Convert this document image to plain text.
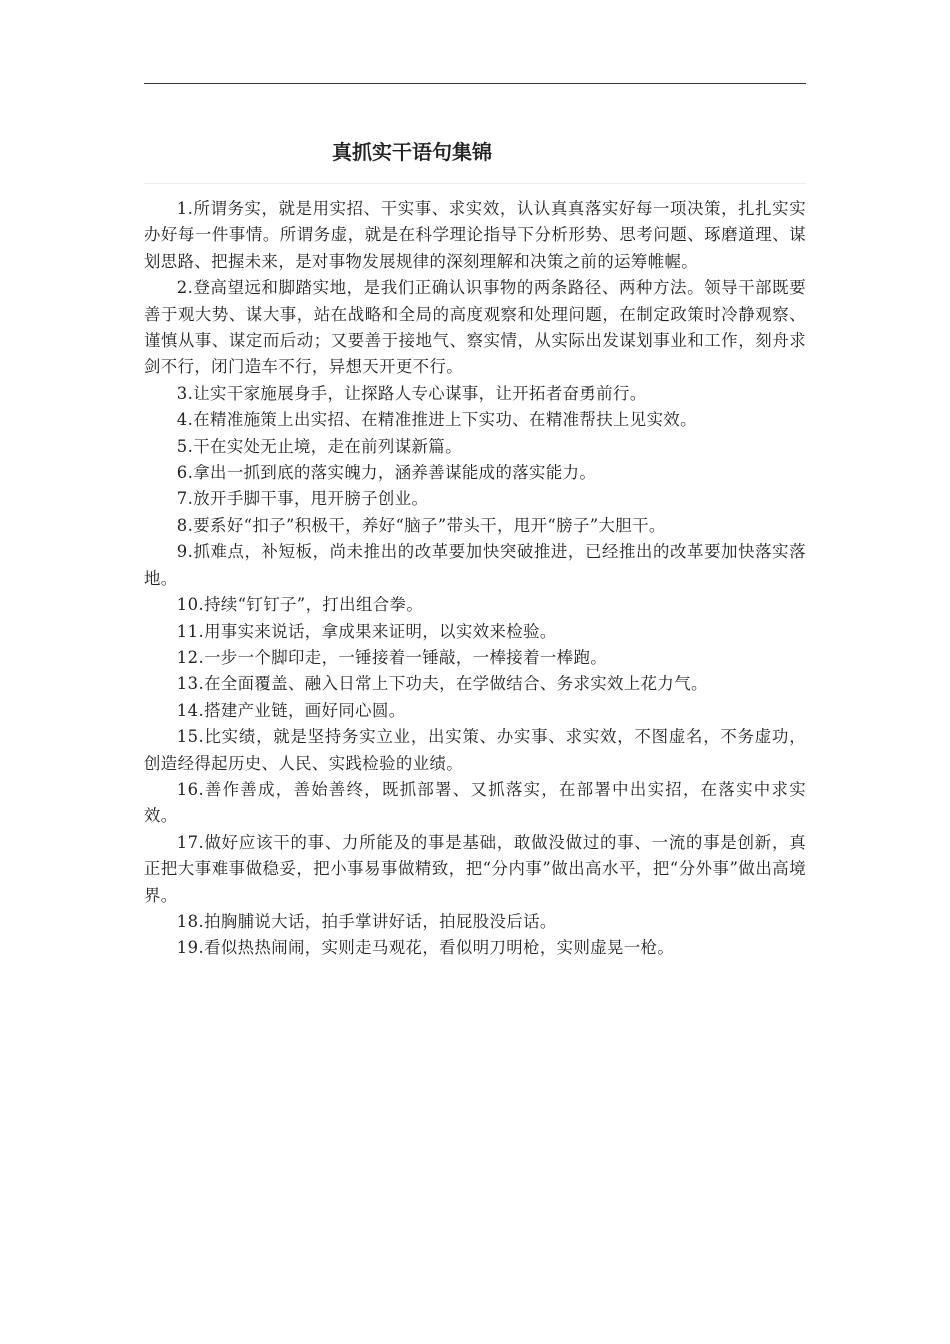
真抓实干语句集锦

1.所谓务实，就是用实招、干实事、求实效，认认真真落实好每一项决策，扎扎实实办好每一件事情。所谓务虚，就是在科学理论指导下分析形势、思考问题、琢磨道理、谋划思路、把握未来，是对事物发展规律的深刻理解和决策之前的运筹帷幄。

2.登高望远和脚踏实地，是我们正确认识事物的两条路径、两种方法。领导干部既要善于观大势、谋大事，站在战略和全局的高度观察和处理问题，在制定政策时冷静观察、谨慎从事、谋定而后动；又要善于接地气、察实情，从实际出发谋划事业和工作，刻舟求剑不行，闭门造车不行，异想天开更不行。

3.让实干家施展身手，让探路人专心谋事，让开拓者奋勇前行。

4.在精准施策上出实招、在精准推进上下实功、在精准帮扶上见实效。

5.干在实处无止境，走在前列谋新篇。

6.拿出一抓到底的落实魄力，涵养善谋能成的落实能力。

7.放开手脚干事，甩开膀子创业。

8.要系好“扣子”积极干，养好“脑子”带头干，甩开“膀子”大胆干。

9.抓难点，补短板，尚未推出的改革要加快突破推进，已经推出的改革要加快落实落地。

10.持续“钉钉子”，打出组合拳。

11.用事实来说话，拿成果来证明，以实效来检验。

12.一步一个脚印走，一锤接着一锤敲，一棒接着一棒跑。

13.在全面覆盖、融入日常上下功夫，在学做结合、务求实效上花力气。

14.搭建产业链，画好同心圆。

15.比实绩，就是坚持务实立业，出实策、办实事、求实效，不图虚名，不务虚功，创造经得起历史、人民、实践检验的业绩。

16.善作善成，善始善终，既抓部署、又抓落实，在部署中出实招，在落实中求实效。

17.做好应该干的事、力所能及的事是基础，敢做没做过的事、一流的事是创新，真正把大事难事做稳妥，把小事易事做精致，把“分内事”做出高水平，把“分外事”做出高境界。

18.拍胸脯说大话，拍手掌讲好话，拍屁股没后话。

19.看似热热闹闹，实则走马观花，看似明刀明枪，实则虚晃一枪。
